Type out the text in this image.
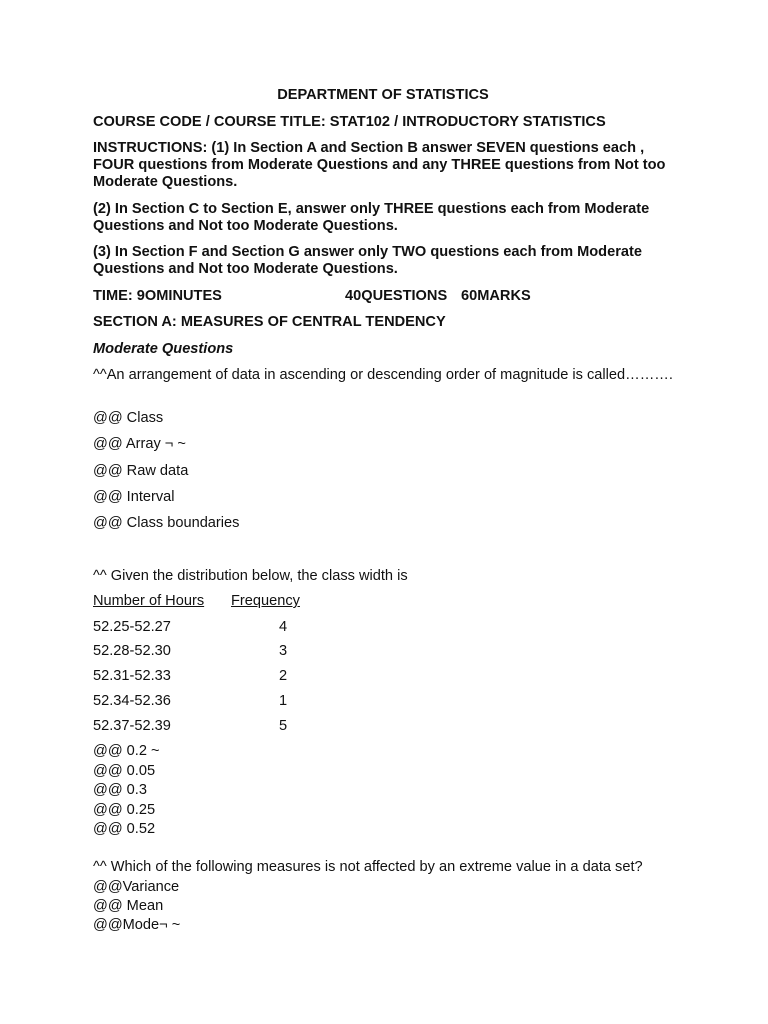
DEPARTMENT OF STATISTICS
COURSE CODE / COURSE TITLE: STAT102 / INTRODUCTORY STATISTICS
INSTRUCTIONS: (1) In Section A and Section B answer SEVEN questions each , FOUR questions from Moderate Questions and any THREE questions from Not too Moderate Questions.
(2) In Section C to Section E, answer only THREE questions each from Moderate Questions and Not too Moderate Questions.
(3) In Section F and Section G answer only TWO questions each from Moderate Questions and Not too Moderate Questions.
TIME: 9OMINUTES	40QUESTIONS 60MARKS
SECTION A: MEASURES OF CENTRAL TENDENCY
Moderate Questions
^^An arrangement of data in ascending or descending order of magnitude is called……….
@@ Class
@@ Array ¬ ~
@@ Raw data
@@ Interval
@@ Class boundaries
^^ Given the distribution below, the class width is
Number of Hours Frequency
52.25-52.27	4
52.28-52.30	3
52.31-52.33	2
52.34-52.36	1
52.37-52.39	5
@@ 0.2 ~
@@ 0.05
@@ 0.3
@@ 0.25
@@ 0.52
^^ Which of the following measures is not affected by an extreme value in a data set?
@@Variance
@@ Mean
@@Mode¬ ~
